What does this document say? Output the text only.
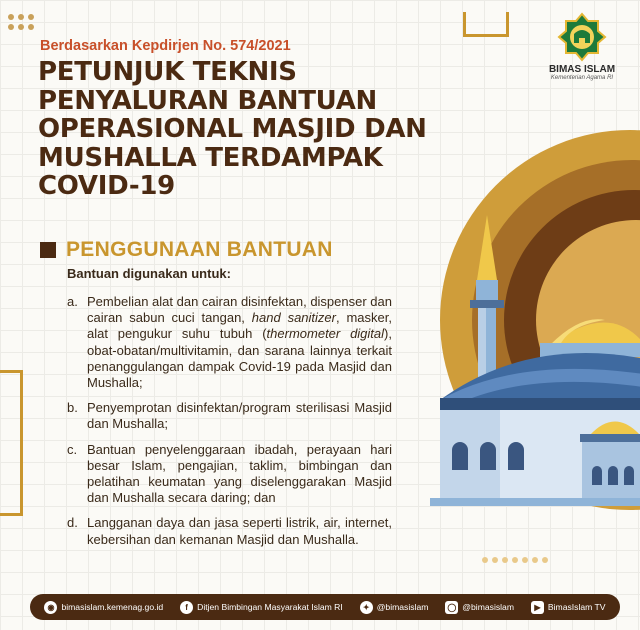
BIMAS ISLAM
Kementerian Agama RI
Berdasarkan Kepdirjen No. 574/2021
PETUNJUK TEKNIS
PENYALURAN BANTUAN
OPERASIONAL MASJID DAN
MUSHALLA TERDAMPAK
COVID-19
PENGGUNAAN BANTUAN
Bantuan digunakan untuk:
a. Pembelian alat dan cairan disinfektan, dispenser dan cairan sabun cuci tangan, hand sanitizer, masker, alat pengukur suhu tubuh (thermometer digital), obat-obatan/multivitamin, dan sarana lainnya terkait penanggulangan dampak Covid-19 pada Masjid dan Mushalla;
b. Penyemprotan disinfektan/program sterilisasi Masjid dan Mushalla;
c. Bantuan penyelenggaraan ibadah, perayaan hari besar Islam, pengajian, taklim, bimbingan dan pelatihan keumatan yang diselenggarakan Masjid dan Mushalla secara daring; dan
d. Langganan daya dan jasa seperti listrik, air, internet, kebersihan dan kemanan Masjid dan Mushalla.
◉ bimasislam.kemenag.go.id	f	Ditjen Bimbingan Masyarakat Islam RI	✦ @bimasislam ◯ @bimasislam	▶ BimasIslam TV
